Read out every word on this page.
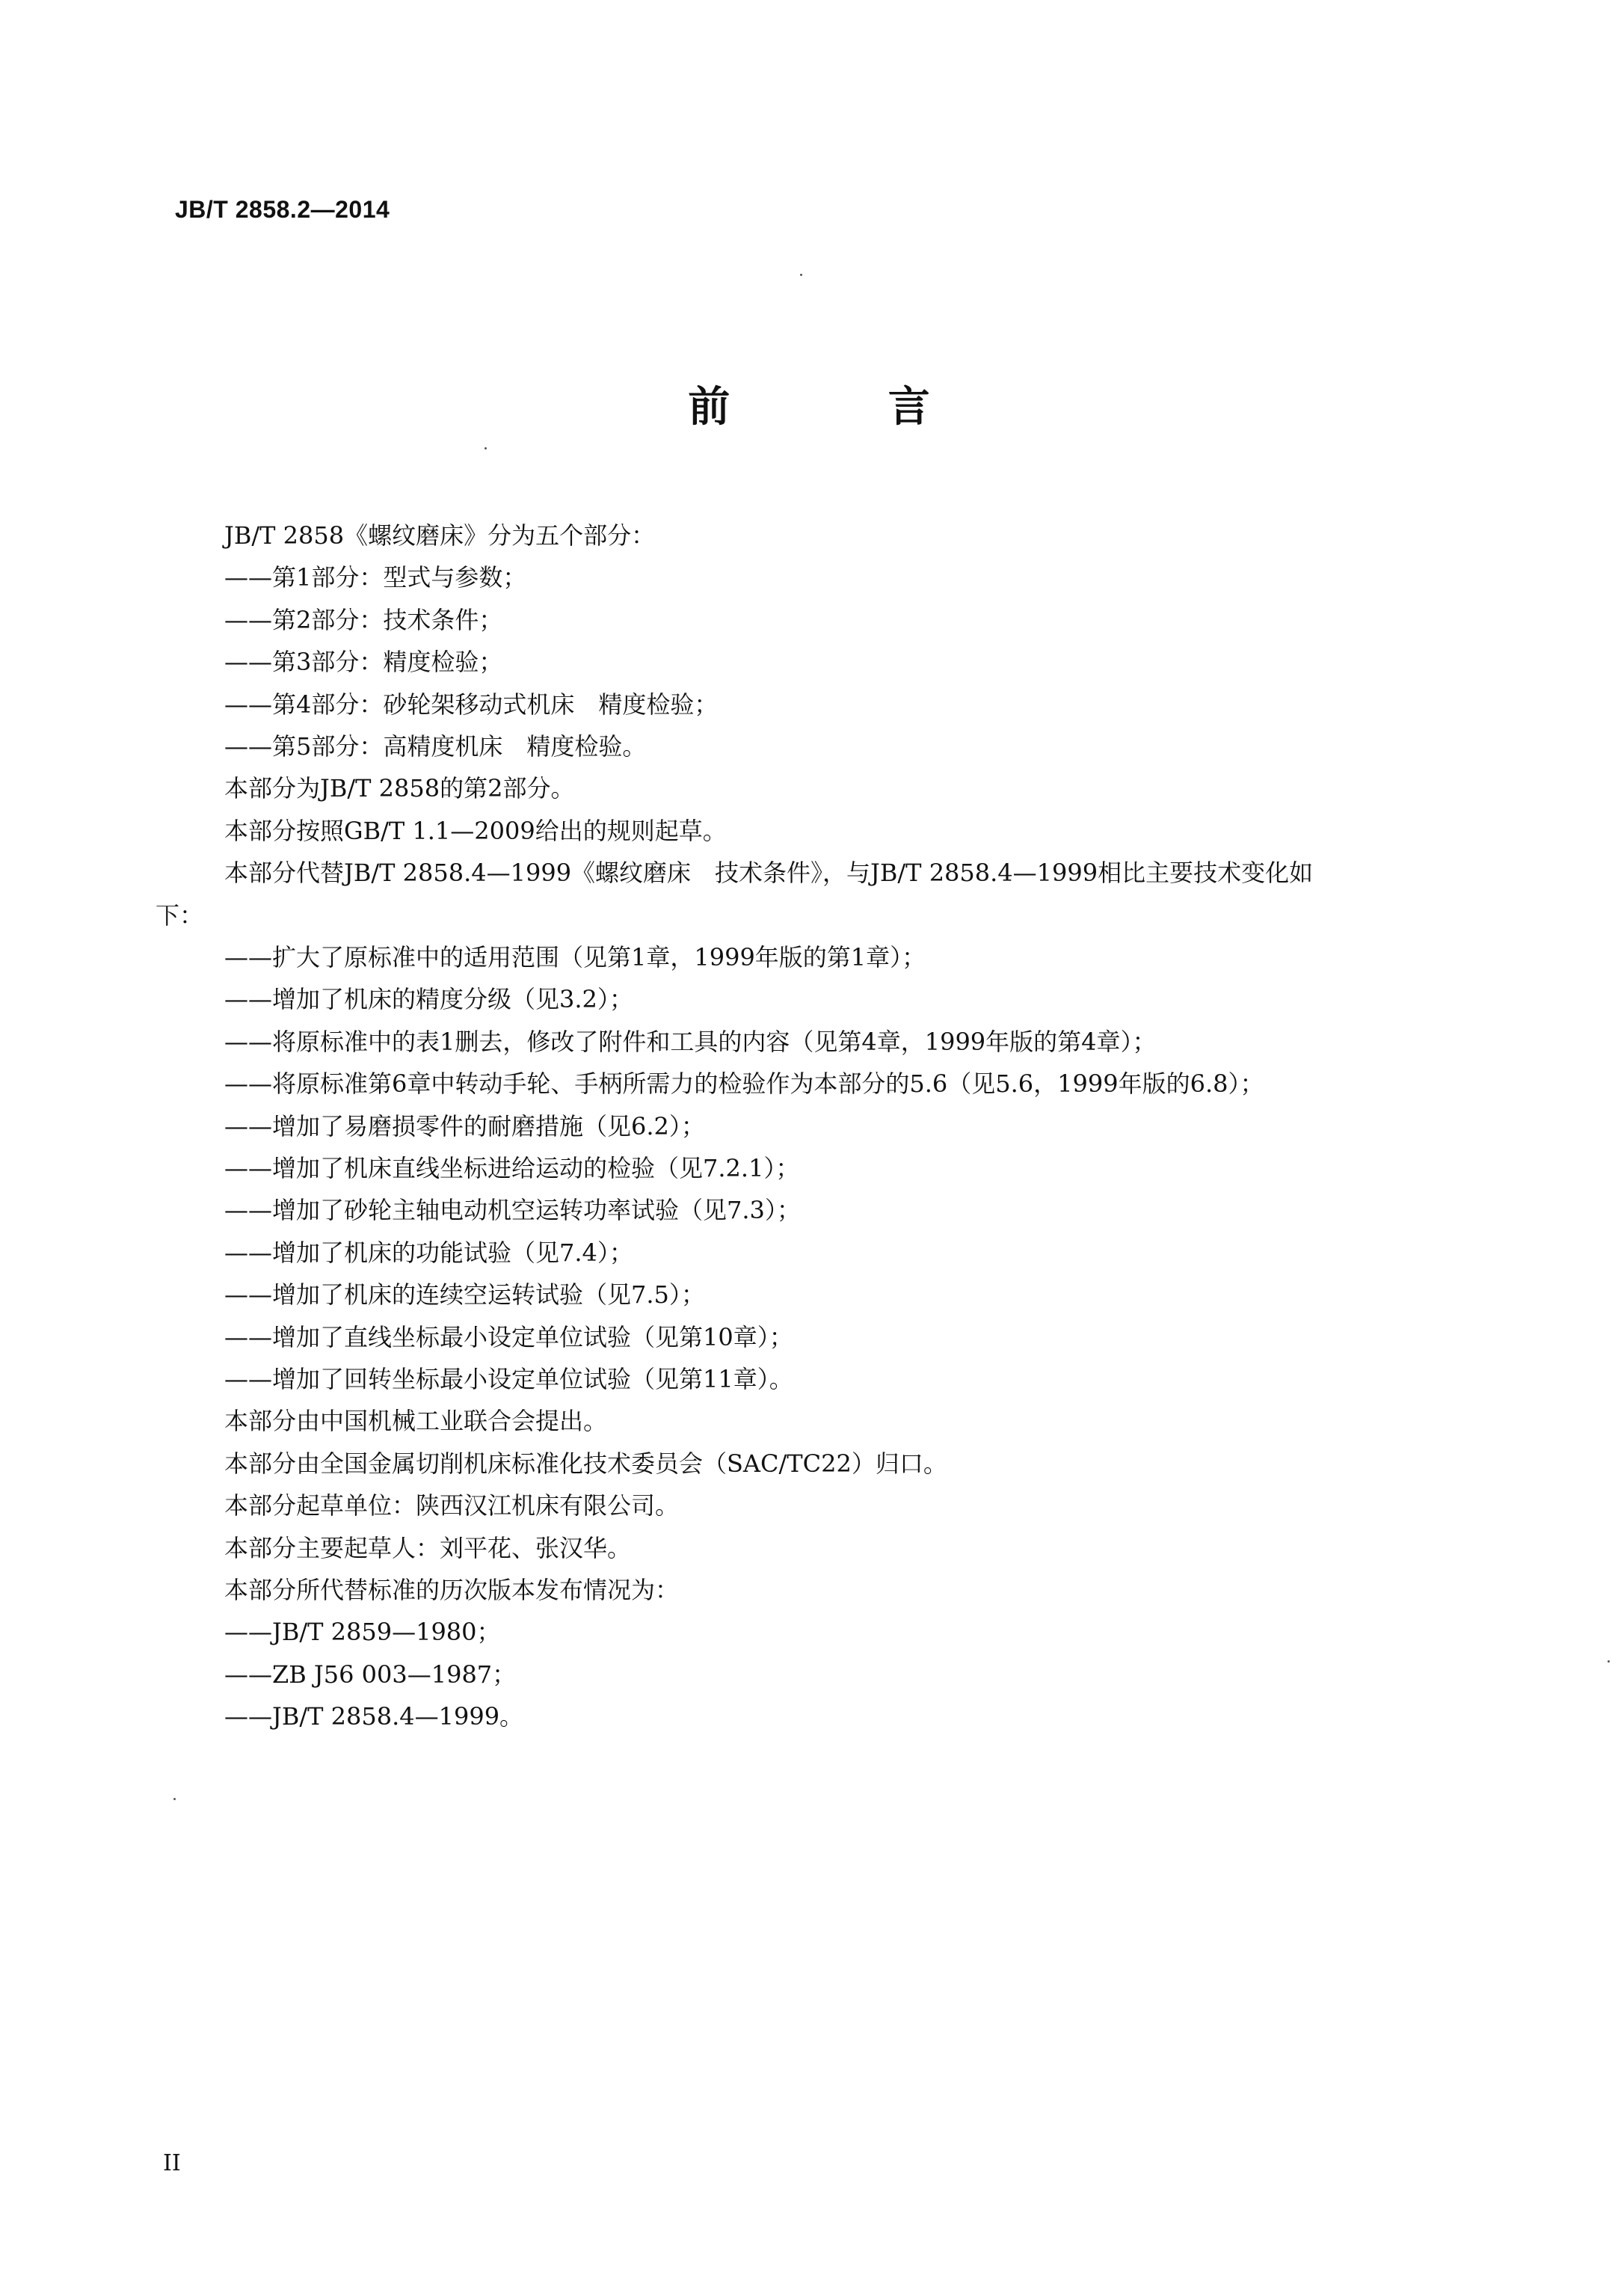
JB/T 2858.2—2014
前 言
JB/T 2858《螺纹磨床》分为五个部分：
——第1部分：型式与参数；
——第2部分：技术条件；
——第3部分：精度检验；
——第4部分：砂轮架移动式机床　精度检验；
——第5部分：高精度机床　精度检验。
本部分为JB/T 2858的第2部分。
本部分按照GB/T 1.1—2009给出的规则起草。
本部分代替JB/T 2858.4—1999《螺纹磨床　技术条件》，与JB/T 2858.4—1999相比主要技术变化如
下：
——扩大了原标准中的适用范围（见第1章，1999年版的第1章）；
——增加了机床的精度分级（见3.2）；
——将原标准中的表1删去，修改了附件和工具的内容（见第4章，1999年版的第4章）；
——将原标准第6章中转动手轮、手柄所需力的检验作为本部分的5.6（见5.6，1999年版的6.8）；
——增加了易磨损零件的耐磨措施（见6.2）；
——增加了机床直线坐标进给运动的检验（见7.2.1）；
——增加了砂轮主轴电动机空运转功率试验（见7.3）；
——增加了机床的功能试验（见7.4）；
——增加了机床的连续空运转试验（见7.5）；
——增加了直线坐标最小设定单位试验（见第10章）；
——增加了回转坐标最小设定单位试验（见第11章）。
本部分由中国机械工业联合会提出。
本部分由全国金属切削机床标准化技术委员会（SAC/TC22）归口。
本部分起草单位：陕西汉江机床有限公司。
本部分主要起草人：刘平花、张汉华。
本部分所代替标准的历次版本发布情况为：
——JB/T 2859—1980；
——ZB J56 003—1987；
——JB/T 2858.4—1999。
II
